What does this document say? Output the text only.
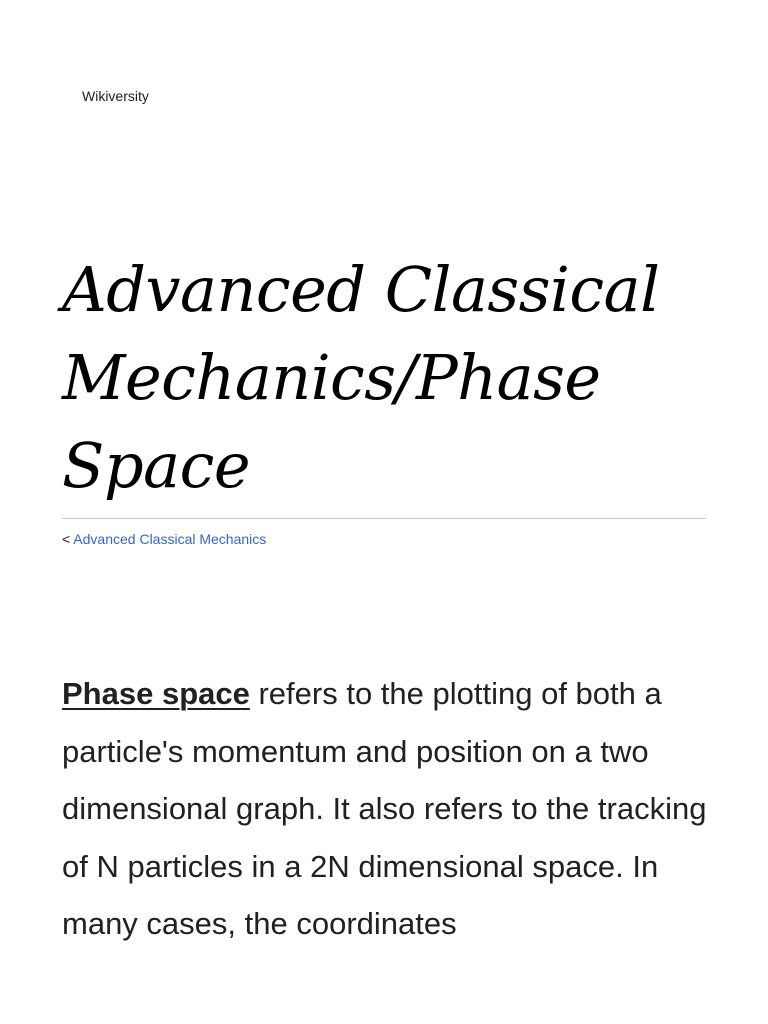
Wikiversity
Advanced Classical Mechanics/Phase Space
< Advanced Classical Mechanics

Phase space refers to the plotting of both a particle's momentum and position on a two dimensional graph. It also refers to the tracking of N particles in a 2N dimensional space. In many cases, the coordinates
